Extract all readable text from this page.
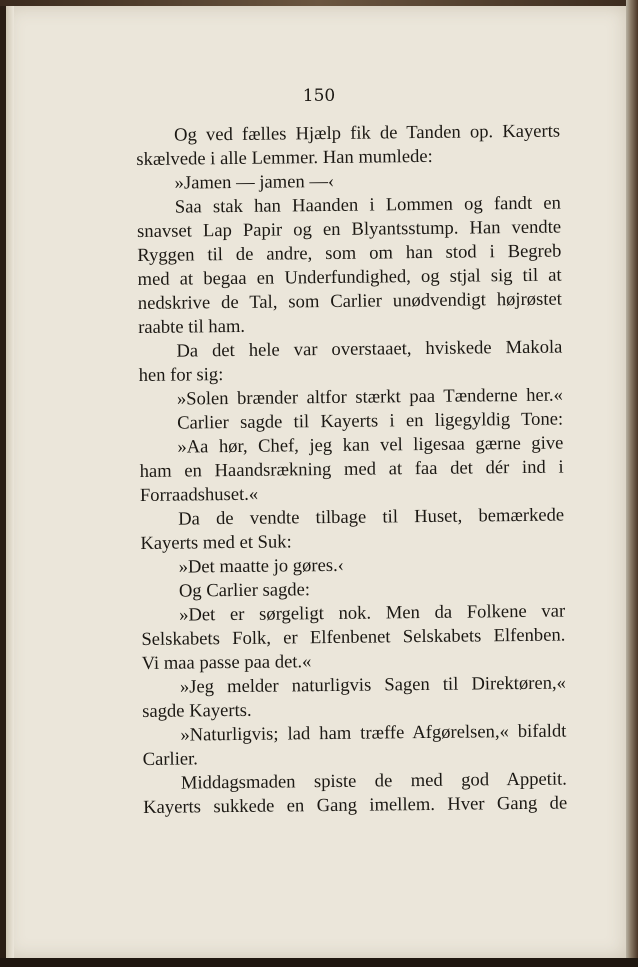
150
Og ved fælles Hjælp fik de Tanden op. Kayerts
skælvede i alle Lemmer. Han mumlede:
»Jamen — jamen —‹
Saa stak han Haanden i Lommen og fandt en
snavset Lap Papir og en Blyantsstump. Han vendte
Ryggen til de andre, som om han stod i Begreb
med at begaa en Underfundighed, og stjal sig til at
nedskrive de Tal, som Carlier unødvendigt højrøstet
raabte til ham.
Da det hele var overstaaet, hviskede Makola
hen for sig:
»Solen brænder altfor stærkt paa Tænderne her.«
Carlier sagde til Kayerts i en ligegyldig Tone:
»Aa hør, Chef, jeg kan vel ligesaa gærne give
ham en Haandsrækning med at faa det dér ind i
Forraadshuset.«
Da de vendte tilbage til Huset, bemærkede
Kayerts med et Suk:
»Det maatte jo gøres.‹
Og Carlier sagde:
»Det er sørgeligt nok. Men da Folkene var
Selskabets Folk, er Elfenbenet Selskabets Elfenben.
Vi maa passe paa det.«
»Jeg melder naturligvis Sagen til Direktøren,«
sagde Kayerts.
»Naturligvis; lad ham træffe Afgørelsen,« bifaldt
Carlier.
Middagsmaden spiste de med god Appetit.
Kayerts sukkede en Gang imellem. Hver Gang de
